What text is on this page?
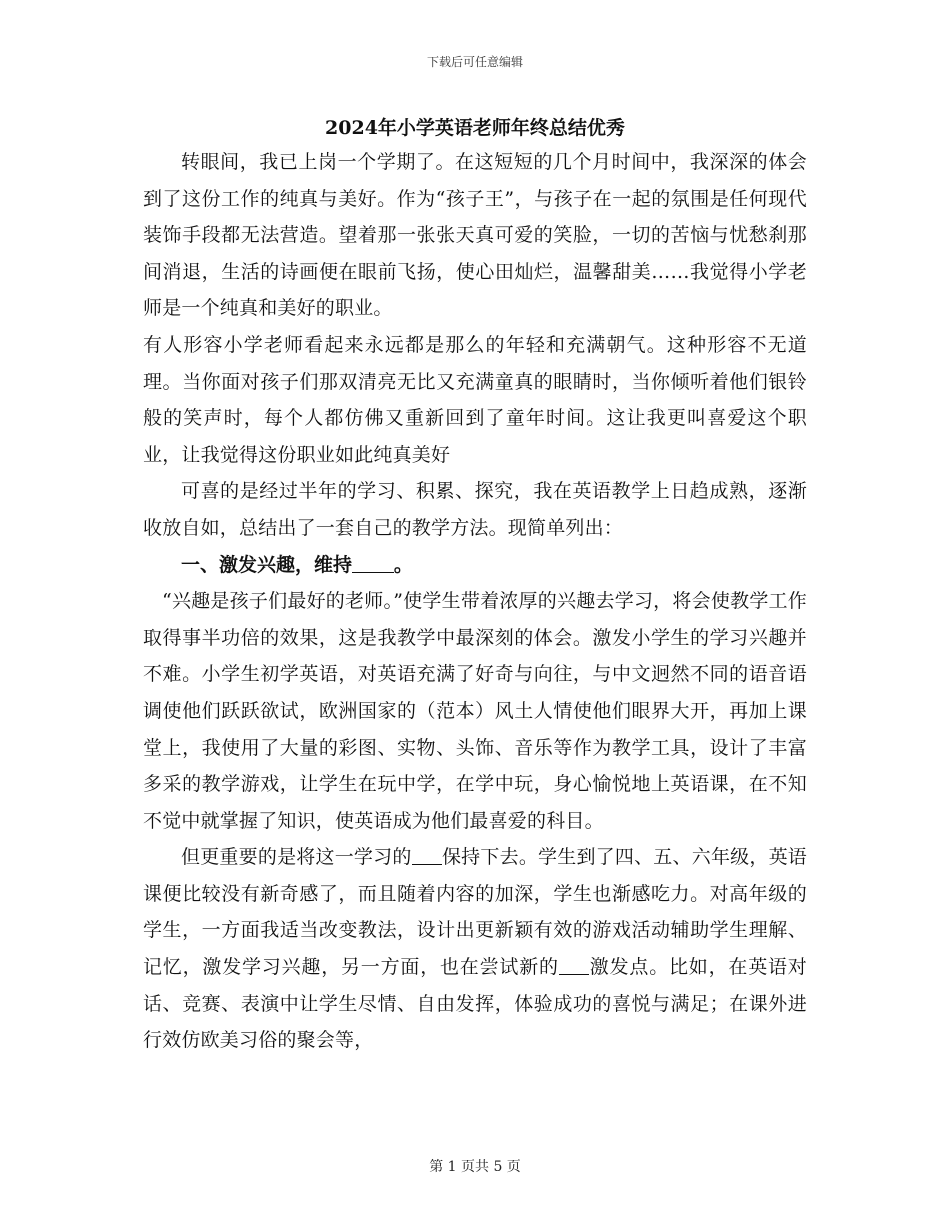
下载后可任意编辑

2024年小学英语老师年终总结优秀

转眼间，我已上岗一个学期了。在这短短的几个月时间中，我深深的体会到了这份工作的纯真与美好。作为“孩子王”，与孩子在一起的氛围是任何现代装饰手段都无法营造。望着那一张张天真可爱的笑脸，一切的苦恼与忧愁刹那间消退，生活的诗画便在眼前飞扬，使心田灿烂，温馨甜美……我觉得小学老师是一个纯真和美好的职业。

有人形容小学老师看起来永远都是那么的年轻和充满朝气。这种形容不无道理。当你面对孩子们那双清亮无比又充满童真的眼睛时，当你倾听着他们银铃般的笑声时，每个人都仿佛又重新回到了童年时间。这让我更叫喜爱这个职业，让我觉得这份职业如此纯真美好

可喜的是经过半年的学习、积累、探究，我在英语教学上日趋成熟，逐渐收放自如，总结出了一套自己的教学方法。现简单列出：

一、激发兴趣，维持 。

“兴趣是孩子们最好的老师。”使学生带着浓厚的兴趣去学习，将会使教学工作取得事半功倍的效果，这是我教学中最深刻的体会。激发小学生的学习兴趣并不难。小学生初学英语，对英语充满了好奇与向往，与中文迥然不同的语音语调使他们跃跃欲试，欧洲国家的（范本）风土人情使他们眼界大开，再加上课堂上，我使用了大量的彩图、实物、头饰、音乐等作为教学工具，设计了丰富多采的教学游戏，让学生在玩中学，在学中玩，身心愉悦地上英语课，在不知不觉中就掌握了知识，使英语成为他们最喜爱的科目。

但更重要的是将这一学习的 保持下去。学生到了四、五、六年级，英语课便比较没有新奇感了，而且随着内容的加深，学生也渐感吃力。对高年级的学生，一方面我适当改变教法，设计出更新颖有效的游戏活动辅助学生理解、记忆，激发学习兴趣，另一方面，也在尝试新的 激发点。比如，在英语对话、竞赛、表演中让学生尽情、自由发挥，体验成功的喜悦与满足；在课外进行效仿欧美习俗的聚会等，

第 1 页共 5 页
